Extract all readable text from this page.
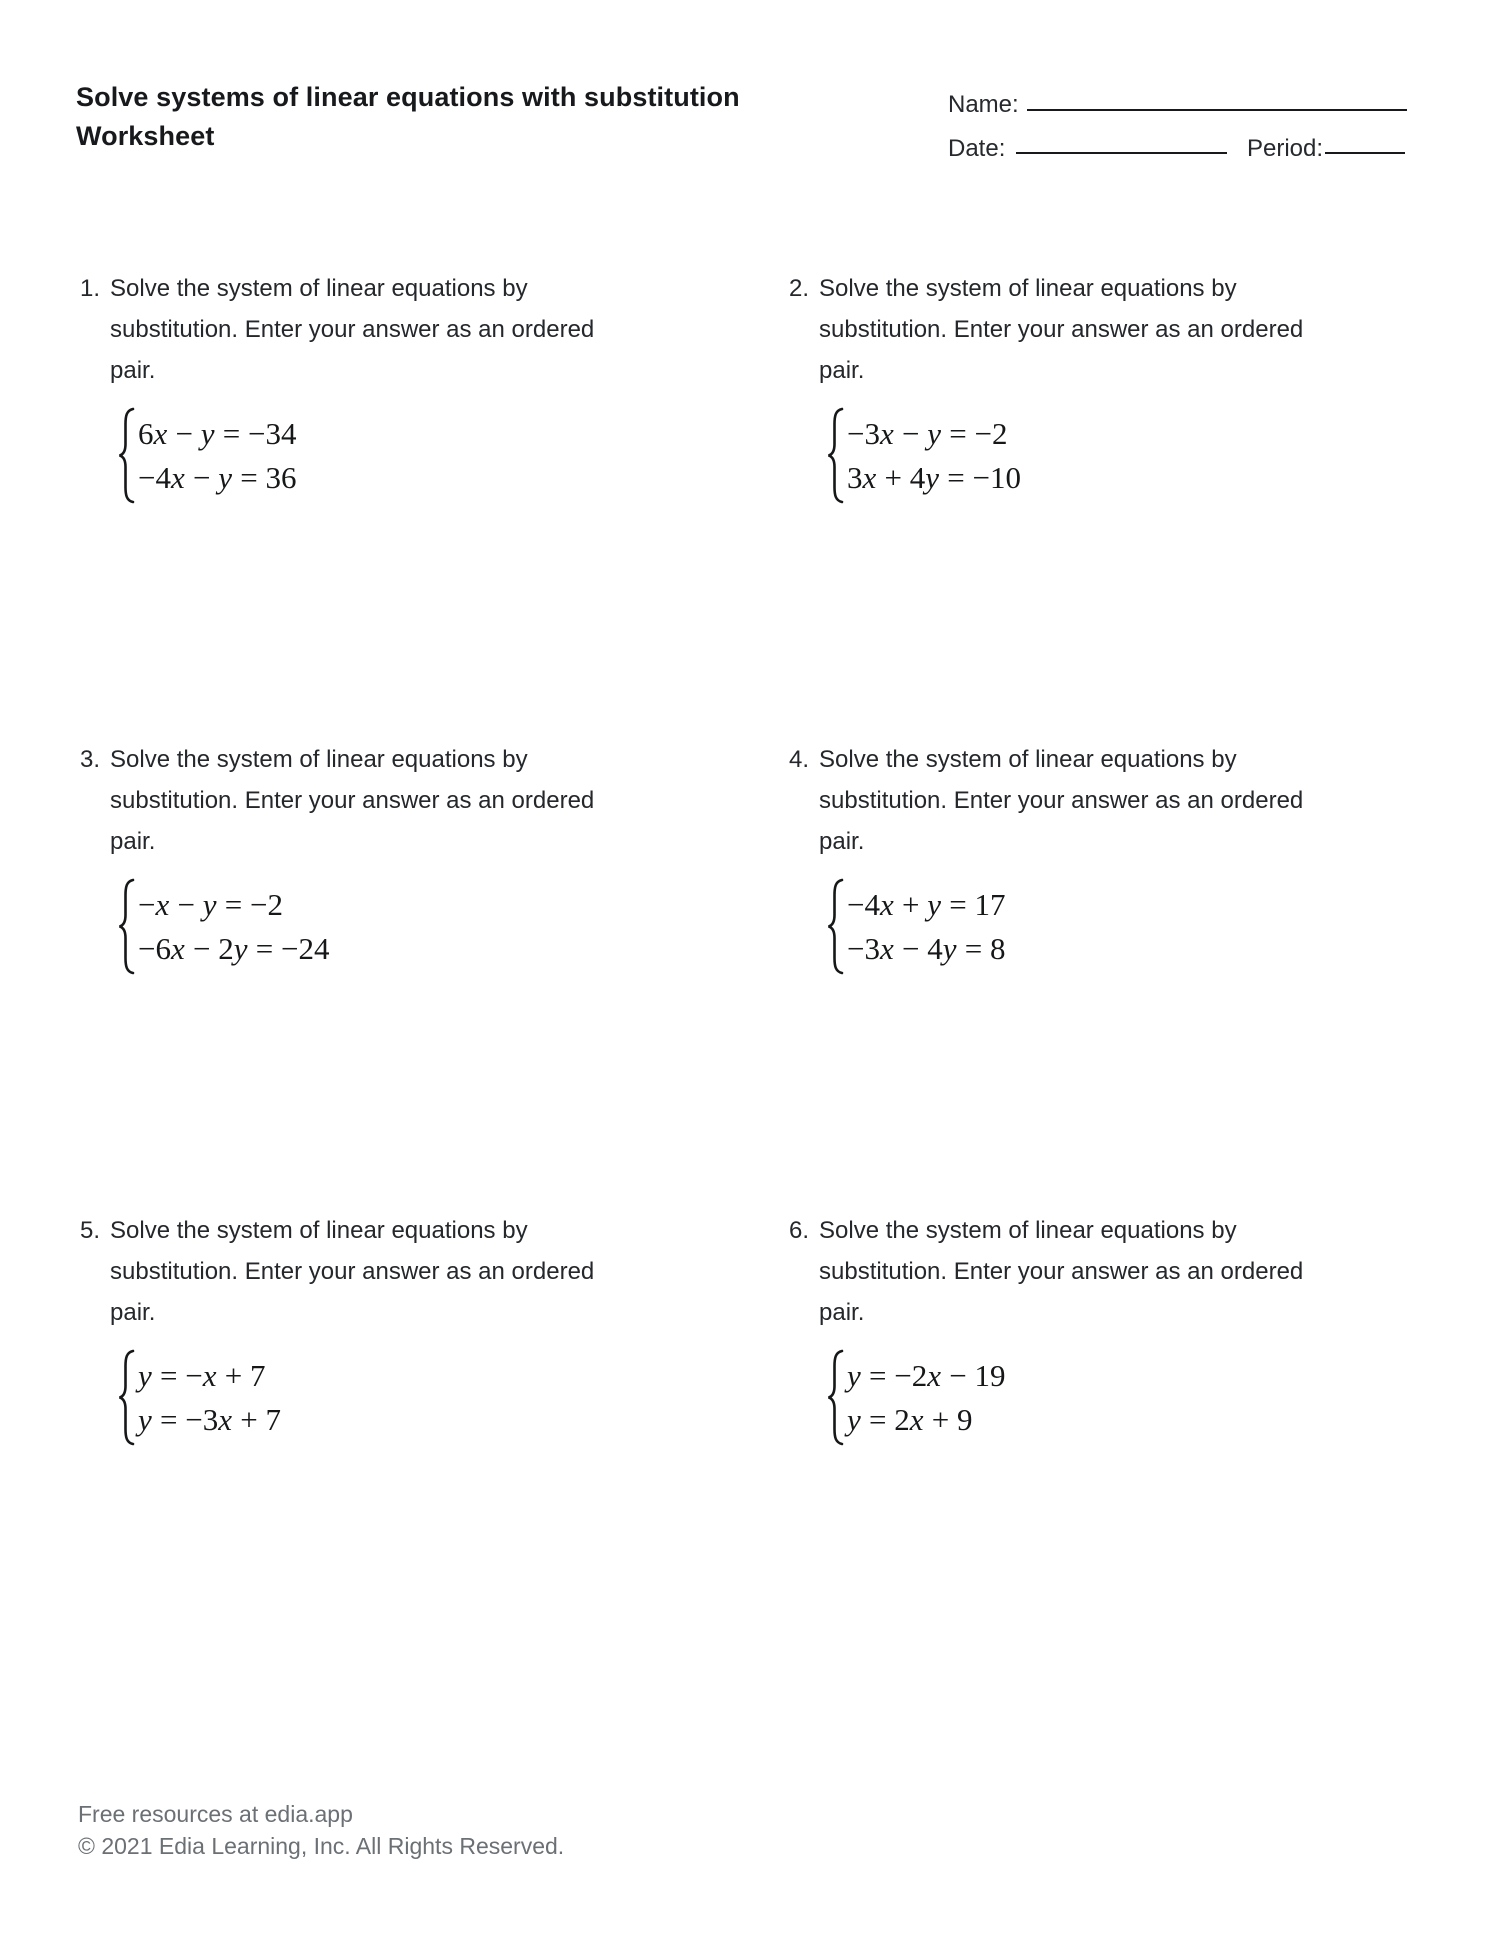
Solve systems of linear equations with substitution
Worksheet
Name:
Date:	Period:
1. Solve the system of linear equations by
substitution. Enter your answer as an ordered
pair.
6x − y = −34
−4x − y = 36
2. Solve the system of linear equations by
substitution. Enter your answer as an ordered
pair.
−3x − y = −2
3x + 4y = −10
3. Solve the system of linear equations by
substitution. Enter your answer as an ordered
pair.
−x − y = −2
−6x − 2y = −24
4. Solve the system of linear equations by
substitution. Enter your answer as an ordered
pair.
−4x + y = 17
−3x − 4y = 8
5. Solve the system of linear equations by
substitution. Enter your answer as an ordered
pair.
y = −x + 7
y = −3x + 7
6. Solve the system of linear equations by
substitution. Enter your answer as an ordered
pair.
y = −2x − 19
y = 2x + 9
Free resources at edia.app
© 2021 Edia Learning, Inc. All Rights Reserved.
